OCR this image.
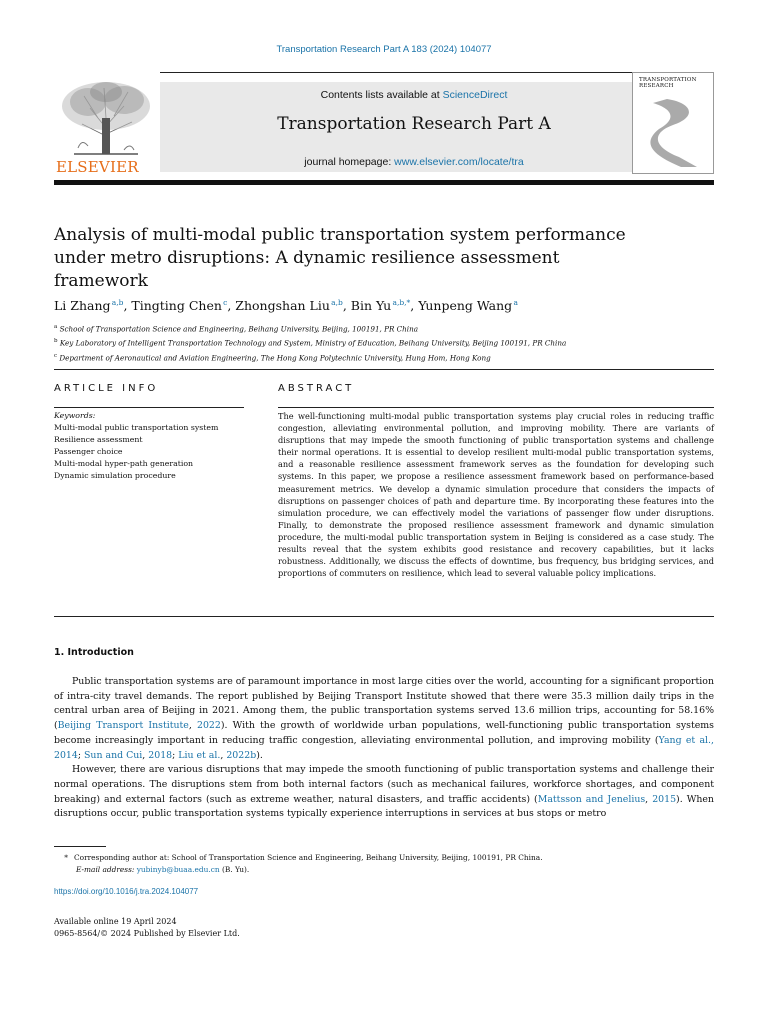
Transportation Research Part A 183 (2024) 104077
ELSEVIER
Contents lists available at ScienceDirect
Transportation Research Part A
journal homepage: www.elsevier.com/locate/tra
TRANSPORTATION
RESEARCH
Analysis of multi-modal public transportation system performance under metro disruptions: A dynamic resilience assessment framework
Li Zhang $^{a,b}$, Tingting Chen $^c$, Zhongshan Liu $^{a,b}$, Bin Yu $^{a,b,*}$, Yunpeng Wang $^a$
$^a$ School of Transportation Science and Engineering, Beihang University, Beijing, 100191, PR China
$^b$ Key Laboratory of Intelligent Transportation Technology and System, Ministry of Education, Beihang University, Beijing 100191, PR China
$^c$ Department of Aeronautical and Aviation Engineering, The Hong Kong Polytechnic University, Hung Hom, Hong Kong
ARTICLE INFO	ABSTRACT
Keywords:
Multi-modal public transportation system
Resilience assessment
Passenger choice
Multi-modal hyper-path generation
Dynamic simulation procedure
The well-functioning multi-modal public transportation systems play crucial roles in reducing traffic congestion, alleviating environmental pollution, and improving mobility. There are variants of disruptions that may impede the smooth functioning of public transportation systems and challenge their normal operations. It is essential to develop resilient multi-modal public transportation systems, and a reasonable resilience assessment framework serves as the foundation for developing such systems. In this paper, we propose a resilience assessment framework based on performance-based measurement metrics. We develop a dynamic simulation procedure that considers the impacts of disruptions on passenger choices of path and departure time. By incorporating these features into the simulation procedure, we can effectively model the variations of passenger flow under disruptions. Finally, to demonstrate the proposed resilience assessment framework and dynamic simulation procedure, the multi-modal public transportation system in Beijing is considered as a case study. The results reveal that the system exhibits good resistance and recovery capabilities, but it lacks robustness. Additionally, we discuss the effects of downtime, bus frequency, bus bridging services, and proportions of commuters on resilience, which lead to several valuable policy implications.
1. Introduction

Public transportation systems are of paramount importance in most large cities over the world, accounting for a significant proportion of intra-city travel demands. The report published by Beijing Transport Institute showed that there were 35.3 million daily trips in the central urban area of Beijing in 2021. Among them, the public transportation systems served 13.6 million trips, accounting for 58.16% (Beijing Transport Institute, 2022). With the growth of worldwide urban populations, well-functioning public transportation systems become increasingly important in reducing traffic congestion, alleviating environmental pollution, and improving mobility (Yang et al., 2014; Sun and Cui, 2018; Liu et al., 2022b).

However, there are various disruptions that may impede the smooth functioning of public transportation systems and challenge their normal operations. The disruptions stem from both internal factors (such as mechanical failures, workforce shortages, and component breaking) and external factors (such as extreme weather, natural disasters, and traffic accidents) (Mattsson and Jenelius, 2015). When disruptions occur, public transportation systems typically experience interruptions in services at bus stops or metro

* Corresponding author at: School of Transportation Science and Engineering, Beihang University, Beijing, 100191, PR China.
E-mail address: yubinyb@buaa.edu.cn (B. Yu).
https://doi.org/10.1016/j.tra.2024.104077
Available online 19 April 2024
0965-8564/© 2024 Published by Elsevier Ltd.
